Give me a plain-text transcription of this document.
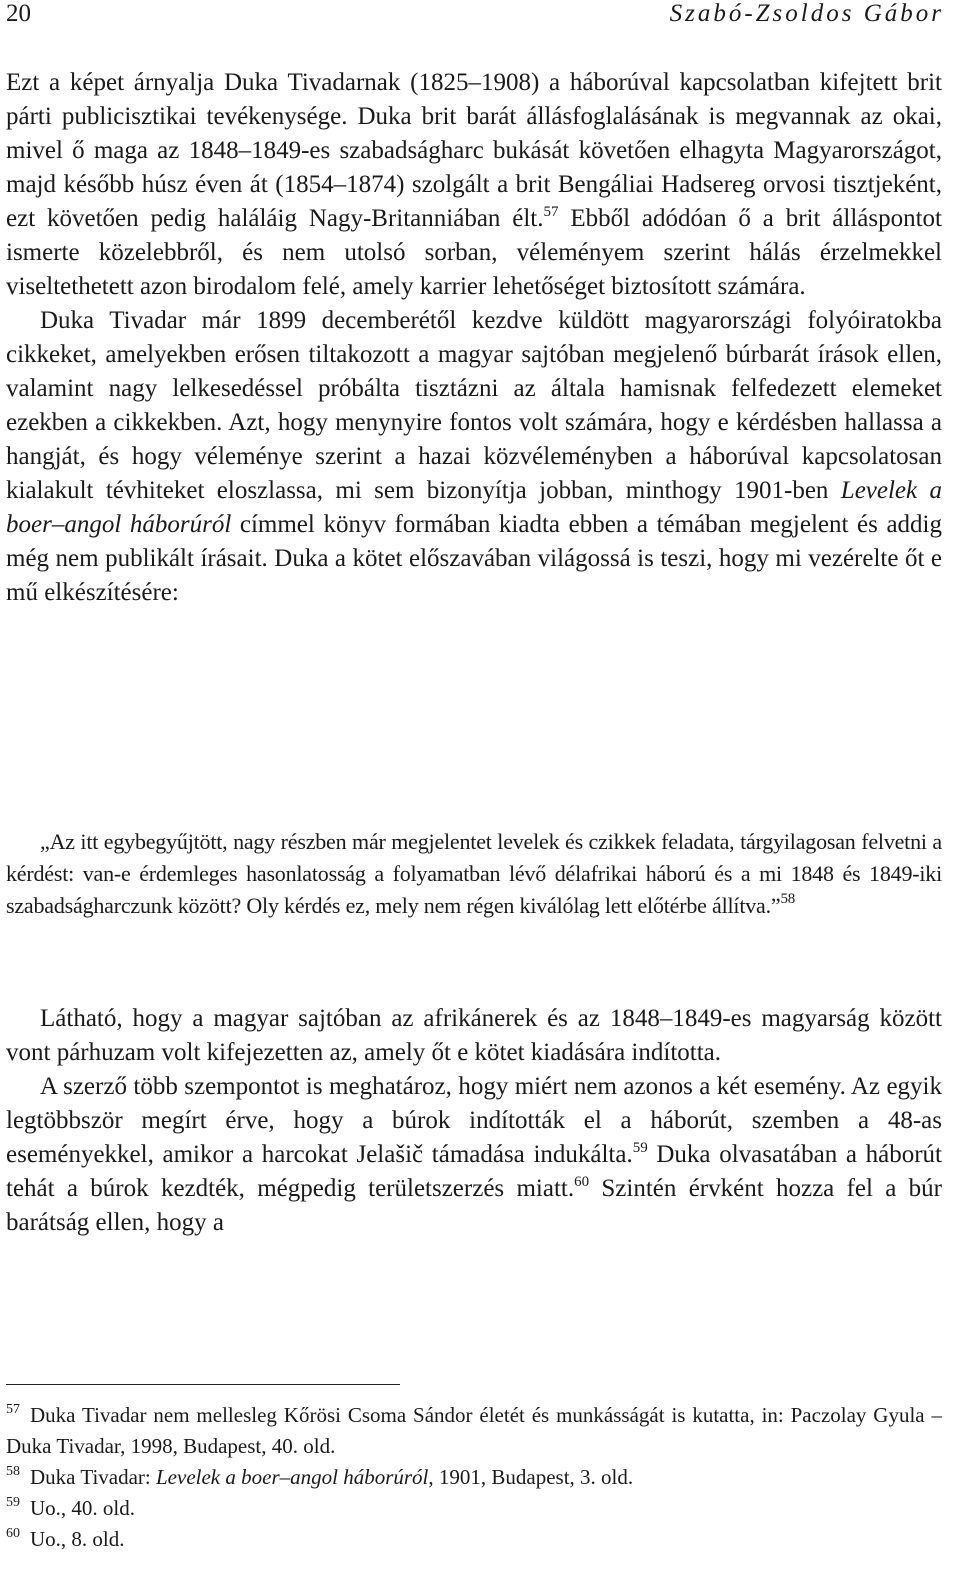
20	Szabó-Zsoldos Gábor

Ezt a képet árnyalja Duka Tivadarnak (1825–1908) a háborúval kapcsolatban kifejtett brit párti publicisztikai tevékenysége. Duka brit barát állásfoglalásának is megvannak az okai, mivel ő maga az 1848–1849-es szabadságharc bukását követően elhagyta Magyarországot, majd később húsz éven át (1854–1874) szolgált a brit Bengáliai Hadsereg orvosi tisztjeként, ezt követően pedig haláláig Nagy-Britanniában élt.$^{57}$ Ebből adódóan ő a brit álláspontot ismerte közelebbről, és nem utolsó sorban, véleményem szerint hálás érzelmekkel viseltethetett azon birodalom felé, amely karrier lehetőséget biztosított számára.

Duka Tivadar már 1899 decemberétől kezdve küldött magyarországi folyóiratokba cikkeket, amelyekben erősen tiltakozott a magyar sajtóban megjelenő búrbarát írások ellen, valamint nagy lelkesedéssel próbálta tisztázni az általa hamisnak felfedezett elemeket ezekben a cikkekben. Azt, hogy menynyire fontos volt számára, hogy e kérdésben hallassa a hangját, és hogy véleménye szerint a hazai közvéleményben a háborúval kapcsolatosan kialakult tévhiteket eloszlassa, mi sem bizonyítja jobban, minthogy 1901-ben Levelek a boer–angol háborúról címmel könyv formában kiadta ebben a témában megjelent és addig még nem publikált írásait. Duka a kötet előszavában világossá is teszi, hogy mi vezérelte őt e mű elkészítésére:

„Az itt egybegyűjtött, nagy részben már megjelentet levelek és czikkek feladata, tárgyilagosan felvetni a kérdést: van-e érdemleges hasonlatosság a folyamatban lévő délafrikai háború és a mi 1848 és 1849-iki szabadságharczunk között? Oly kérdés ez, mely nem régen kiválólag lett előtérbe állítva.”$^{58}$

Látható, hogy a magyar sajtóban az afrikánerek és az 1848–1849-es magyarság között vont párhuzam volt kifejezetten az, amely őt e kötet kiadására indította.

A szerző több szempontot is meghatároz, hogy miért nem azonos a két esemény. Az egyik legtöbbször megírt érve, hogy a búrok indították el a háborút, szemben a 48-as eseményekkel, amikor a harcokat Jelašič támadása indukálta.$^{59}$ Duka olvasatában a háborút tehát a búrok kezdték, mégpedig területszerzés miatt.$^{60}$ Szintén érvként hozza fel a búr barátság ellen, hogy a

$^{57}$ Duka Tivadar nem mellesleg Kőrösi Csoma Sándor életét és munkásságát is kutatta, in: Paczolay Gyula – Duka Tivadar, 1998, Budapest, 40. old.

$^{58}$ Duka Tivadar: Levelek a boer–angol háborúról, 1901, Budapest, 3. old.

$^{59}$ Uo., 40. old.

$^{60}$ Uo., 8. old.
